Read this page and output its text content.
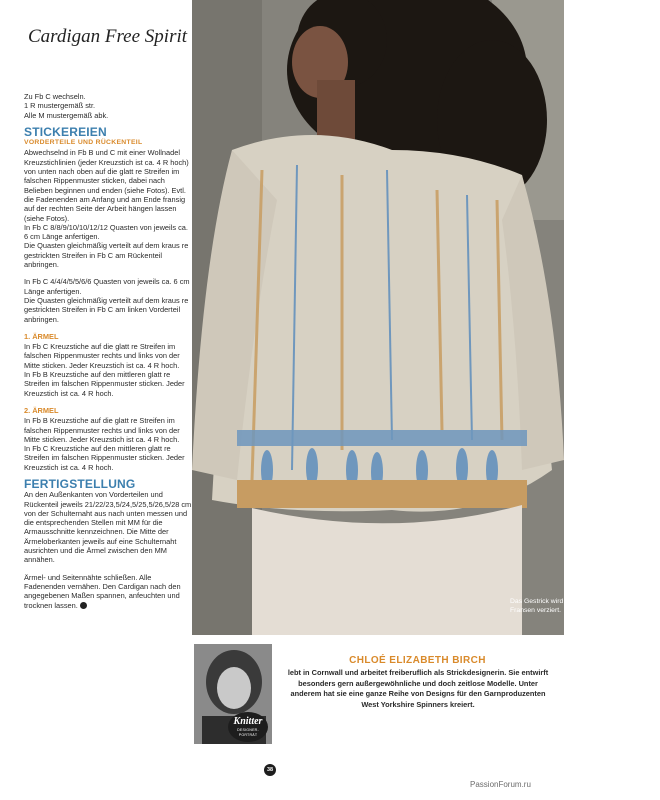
Cardigan Free Spirit

Zu Fb C wechseln.
1 R mustergemäß str.
Alle M mustergemäß abk.

STICKEREIEN
VORDERTEILE UND RÜCKENTEIL

Abwechselnd in Fb B und C mit einer Wollnadel Kreuzstichlinien (jeder Kreuzstich ist ca. 4 R hoch) von unten nach oben auf die glatt re Streifen im falschen Rippenmuster sticken, dabei nach Belieben beginnen und enden (siehe Fotos). Evtl. die Fadenenden am Anfang und am Ende fransig auf der rechten Seite der Arbeit hängen lassen (siehe Fotos).

In Fb C 8/8/9/10/10/12/12 Quasten von jeweils ca. 6 cm Länge anfertigen.

Die Quasten gleichmäßig verteilt auf dem kraus re gestrickten Streifen in Fb C am Rückenteil anbringen.

In Fb C 4/4/4/5/5/6/6 Quasten von jeweils ca. 6 cm Länge anfertigen.

Die Quasten gleichmäßig verteilt auf dem kraus re gestrickten Streifen in Fb C am linken Vorderteil anbringen.

1. ÄRMEL

In Fb C Kreuzstiche auf die glatt re Streifen im falschen Rippenmuster rechts und links von der Mitte sticken. Jeder Kreuzstich ist ca. 4 R hoch.

In Fb B Kreuzstiche auf den mittleren glatt re Streifen im falschen Rippenmuster sticken. Jeder Kreuzstich ist ca. 4 R hoch.

2. ÄRMEL

In Fb B Kreuzstiche auf die glatt re Streifen im falschen Rippenmuster rechts und links von der Mitte sticken. Jeder Kreuzstich ist ca. 4 R hoch.

In Fb C Kreuzstiche auf den mittleren glatt re Streifen im falschen Rippenmuster sticken. Jeder Kreuzstich ist ca. 4 R hoch.

FERTIGSTELLUNG

An den Außenkanten von Vorderteilen und Rückenteil jeweils 21/22/23,5/24,5/25,5/26,5/28 cm von der Schulternaht aus nach unten messen und die entsprechenden Stellen mit MM für die Armausschnitte kennzeichnen. Die Mitte der Ärmeloberkanten jeweils auf eine Schulternaht ausrichten und die Ärmel zwischen den MM annähen.

Ärmel- und Seitennähte schließen. Alle Fadenenden vernähen. Den Cardigan nach den angegebenen Maßen spannen, anfeuchten und trocknen lassen.	Das Gestrick wird mit Kreuzstichen, Quasten und Fransen verziert.
Knitter
DESIGNER-PORTRÄT
CHLOÉ ELIZABETH BIRCH
lebt in Cornwall und arbeitet freiberuflich als Strickdesignerin. Sie entwirft besonders gern außergewöhnliche und doch zeitlose Modelle. Unter anderem hat sie eine ganze Reihe von Designs für den Garnproduzenten West Yorkshire Spinners kreiert.
38
PassionForum.ru
